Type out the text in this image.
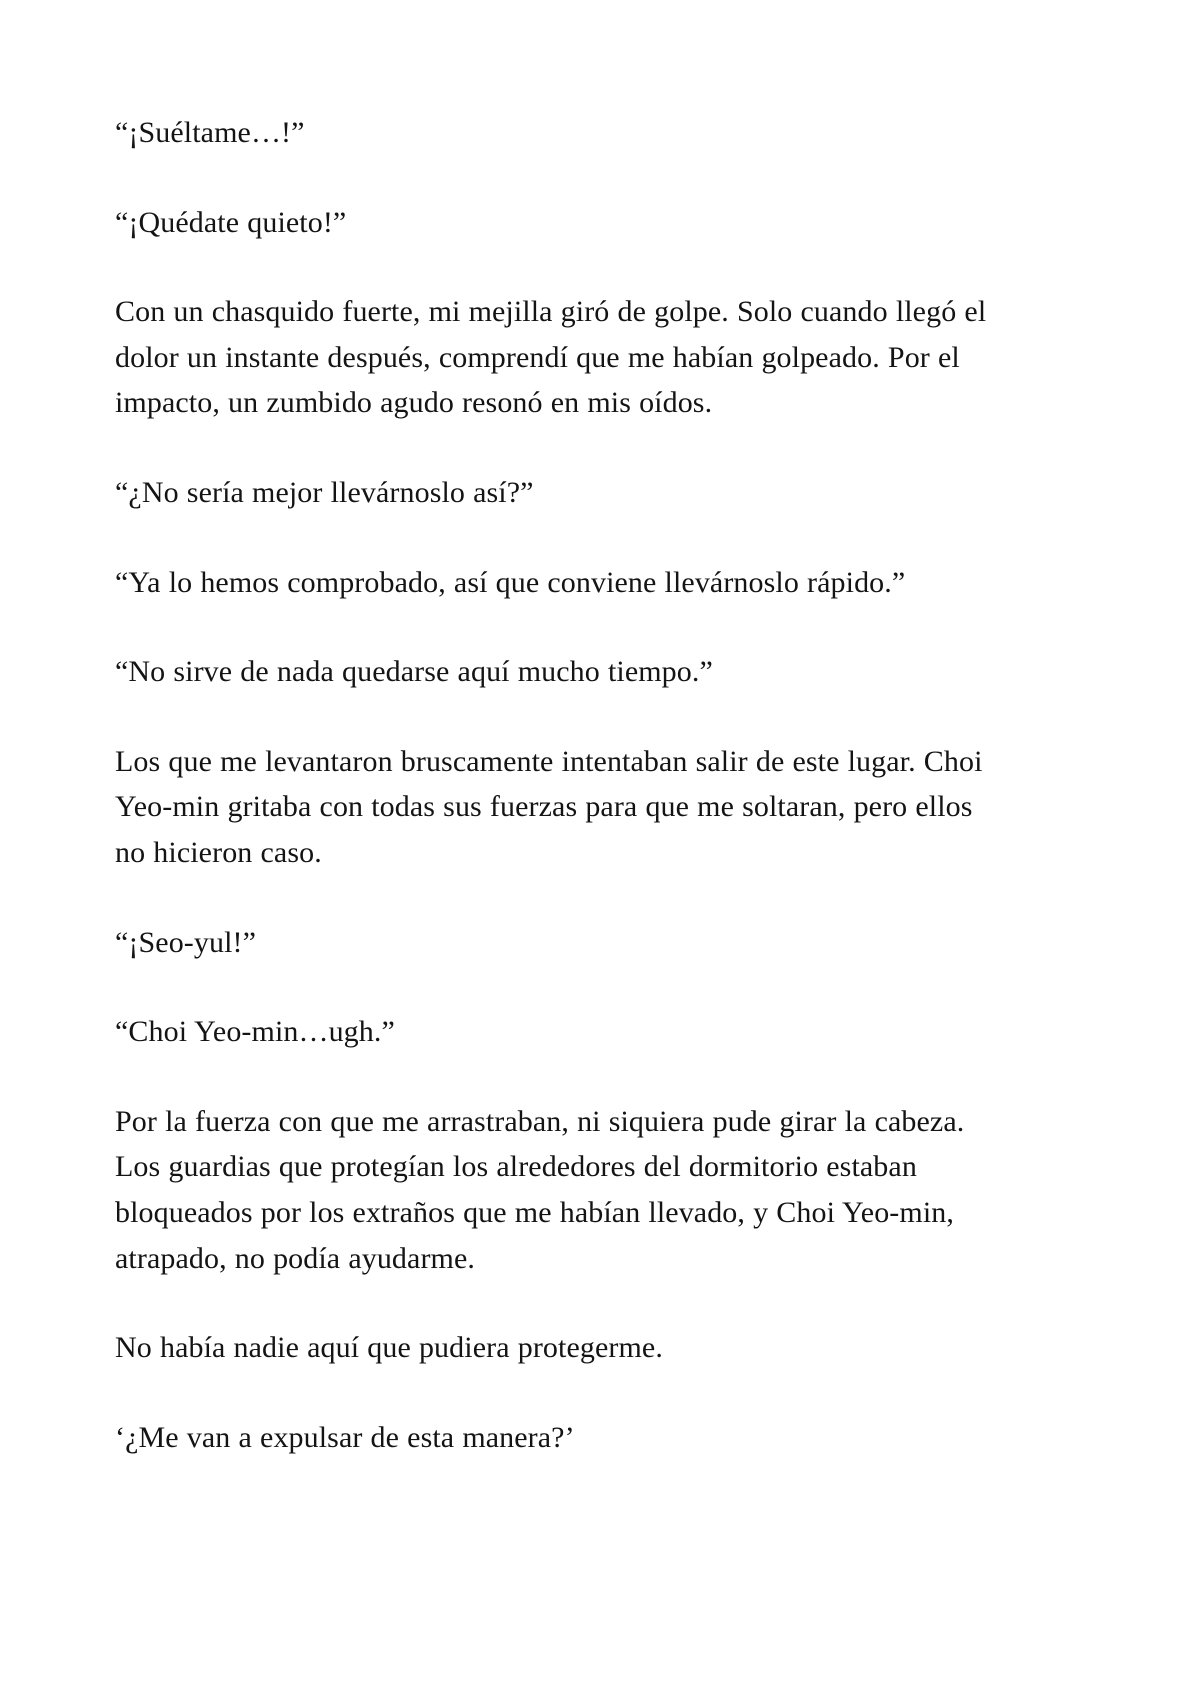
“¡Suéltame…!”

“¡Quédate quieto!”

Con un chasquido fuerte, mi mejilla giró de golpe. Solo cuando llegó el dolor un instante después, comprendí que me habían golpeado. Por el impacto, un zumbido agudo resonó en mis oídos.

“¿No sería mejor llevárnoslo así?”

“Ya lo hemos comprobado, así que conviene llevárnoslo rápido.”

“No sirve de nada quedarse aquí mucho tiempo.”

Los que me levantaron bruscamente intentaban salir de este lugar. Choi Yeo-min gritaba con todas sus fuerzas para que me soltaran, pero ellos no hicieron caso.

“¡Seo-yul!”

“Choi Yeo-min…ugh.”

Por la fuerza con que me arrastraban, ni siquiera pude girar la cabeza. Los guardias que protegían los alrededores del dormitorio estaban bloqueados por los extraños que me habían llevado, y Choi Yeo-min, atrapado, no podía ayudarme.

No había nadie aquí que pudiera protegerme.

‘¿Me van a expulsar de esta manera?’
